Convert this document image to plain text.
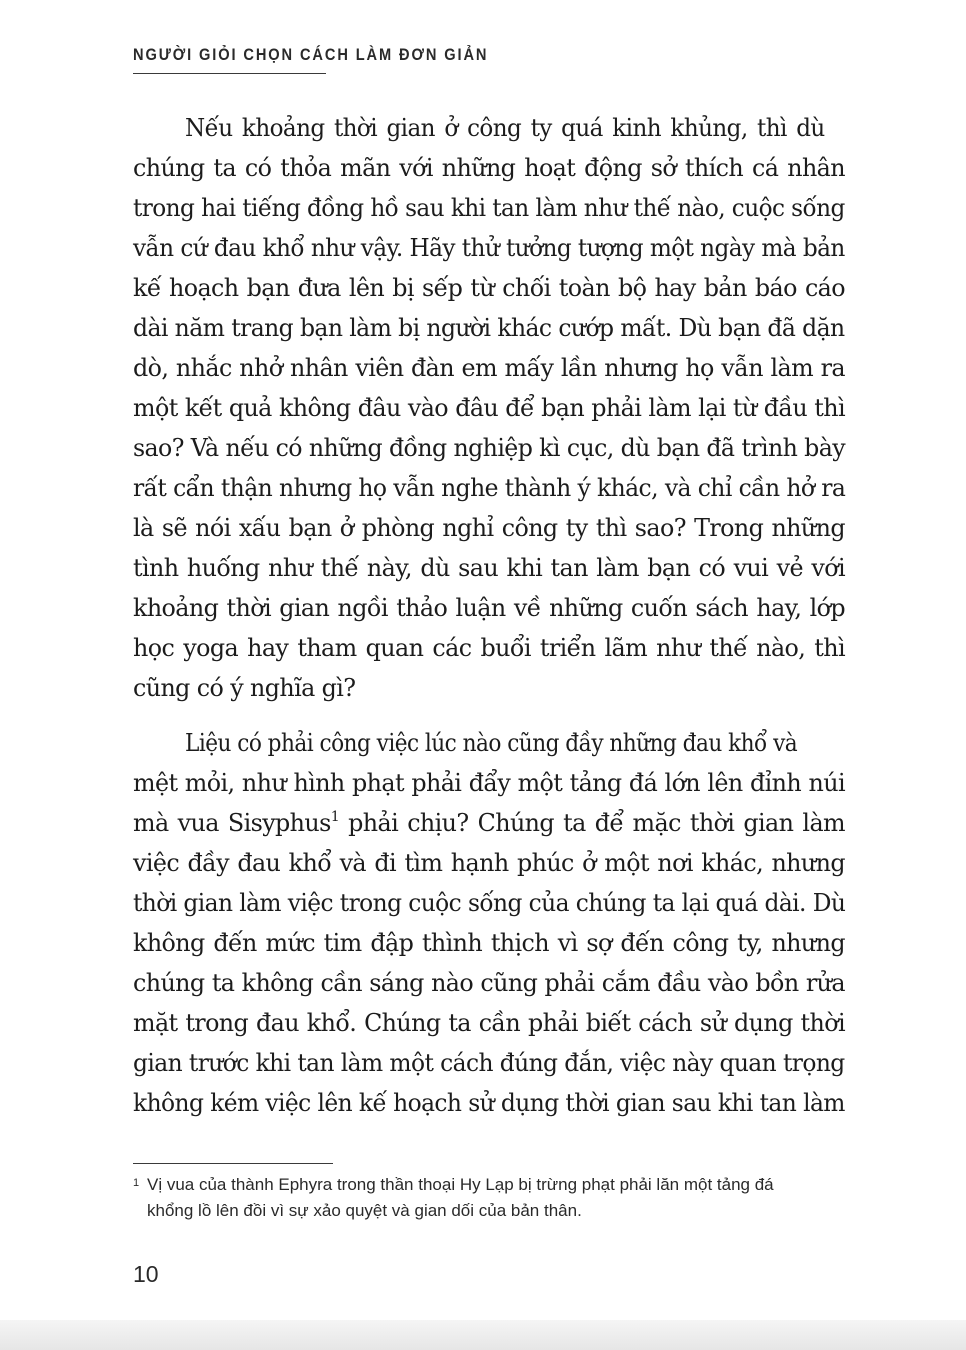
NGƯỜI GIỎI CHỌN CÁCH LÀM ĐƠN GIẢN

Nếu khoảng thời gian ở công ty quá kinh khủng, thì dù
chúng ta có thỏa mãn với những hoạt động sở thích cá nhân
trong hai tiếng đồng hồ sau khi tan làm như thế nào, cuộc sống
vẫn cứ đau khổ như vậy. Hãy thử tưởng tượng một ngày mà bản
kế hoạch bạn đưa lên bị sếp từ chối toàn bộ hay bản báo cáo
dài năm trang bạn làm bị người khác cướp mất. Dù bạn đã dặn
dò, nhắc nhở nhân viên đàn em mấy lần nhưng họ vẫn làm ra
một kết quả không đâu vào đâu để bạn phải làm lại từ đầu thì
sao? Và nếu có những đồng nghiệp kì cục, dù bạn đã trình bày
rất cẩn thận nhưng họ vẫn nghe thành ý khác, và chỉ cần hở ra
là sẽ nói xấu bạn ở phòng nghỉ công ty thì sao? Trong những
tình huống như thế này, dù sau khi tan làm bạn có vui vẻ với
khoảng thời gian ngồi thảo luận về những cuốn sách hay, lớp
học yoga hay tham quan các buổi triển lãm như thế nào, thì
cũng có ý nghĩa gì?

Liệu có phải công việc lúc nào cũng đầy những đau khổ và
mệt mỏi, như hình phạt phải đẩy một tảng đá lớn lên đỉnh núi
mà vua Sisyphus$^1$ phải chịu? Chúng ta để mặc thời gian làm
việc đầy đau khổ và đi tìm hạnh phúc ở một nơi khác, nhưng
thời gian làm việc trong cuộc sống của chúng ta lại quá dài. Dù
không đến mức tim đập thình thịch vì sợ đến công ty, nhưng
chúng ta không cần sáng nào cũng phải cắm đầu vào bồn rửa
mặt trong đau khổ. Chúng ta cần phải biết cách sử dụng thời
gian trước khi tan làm một cách đúng đắn, việc này quan trọng
không kém việc lên kế hoạch sử dụng thời gian sau khi tan làm

1 Vị vua của thành Ephyra trong thần thoại Hy Lạp bị trừng phạt phải lăn một tảng đá
khổng lồ lên đồi vì sự xảo quyệt và gian dối của bản thân.
10
